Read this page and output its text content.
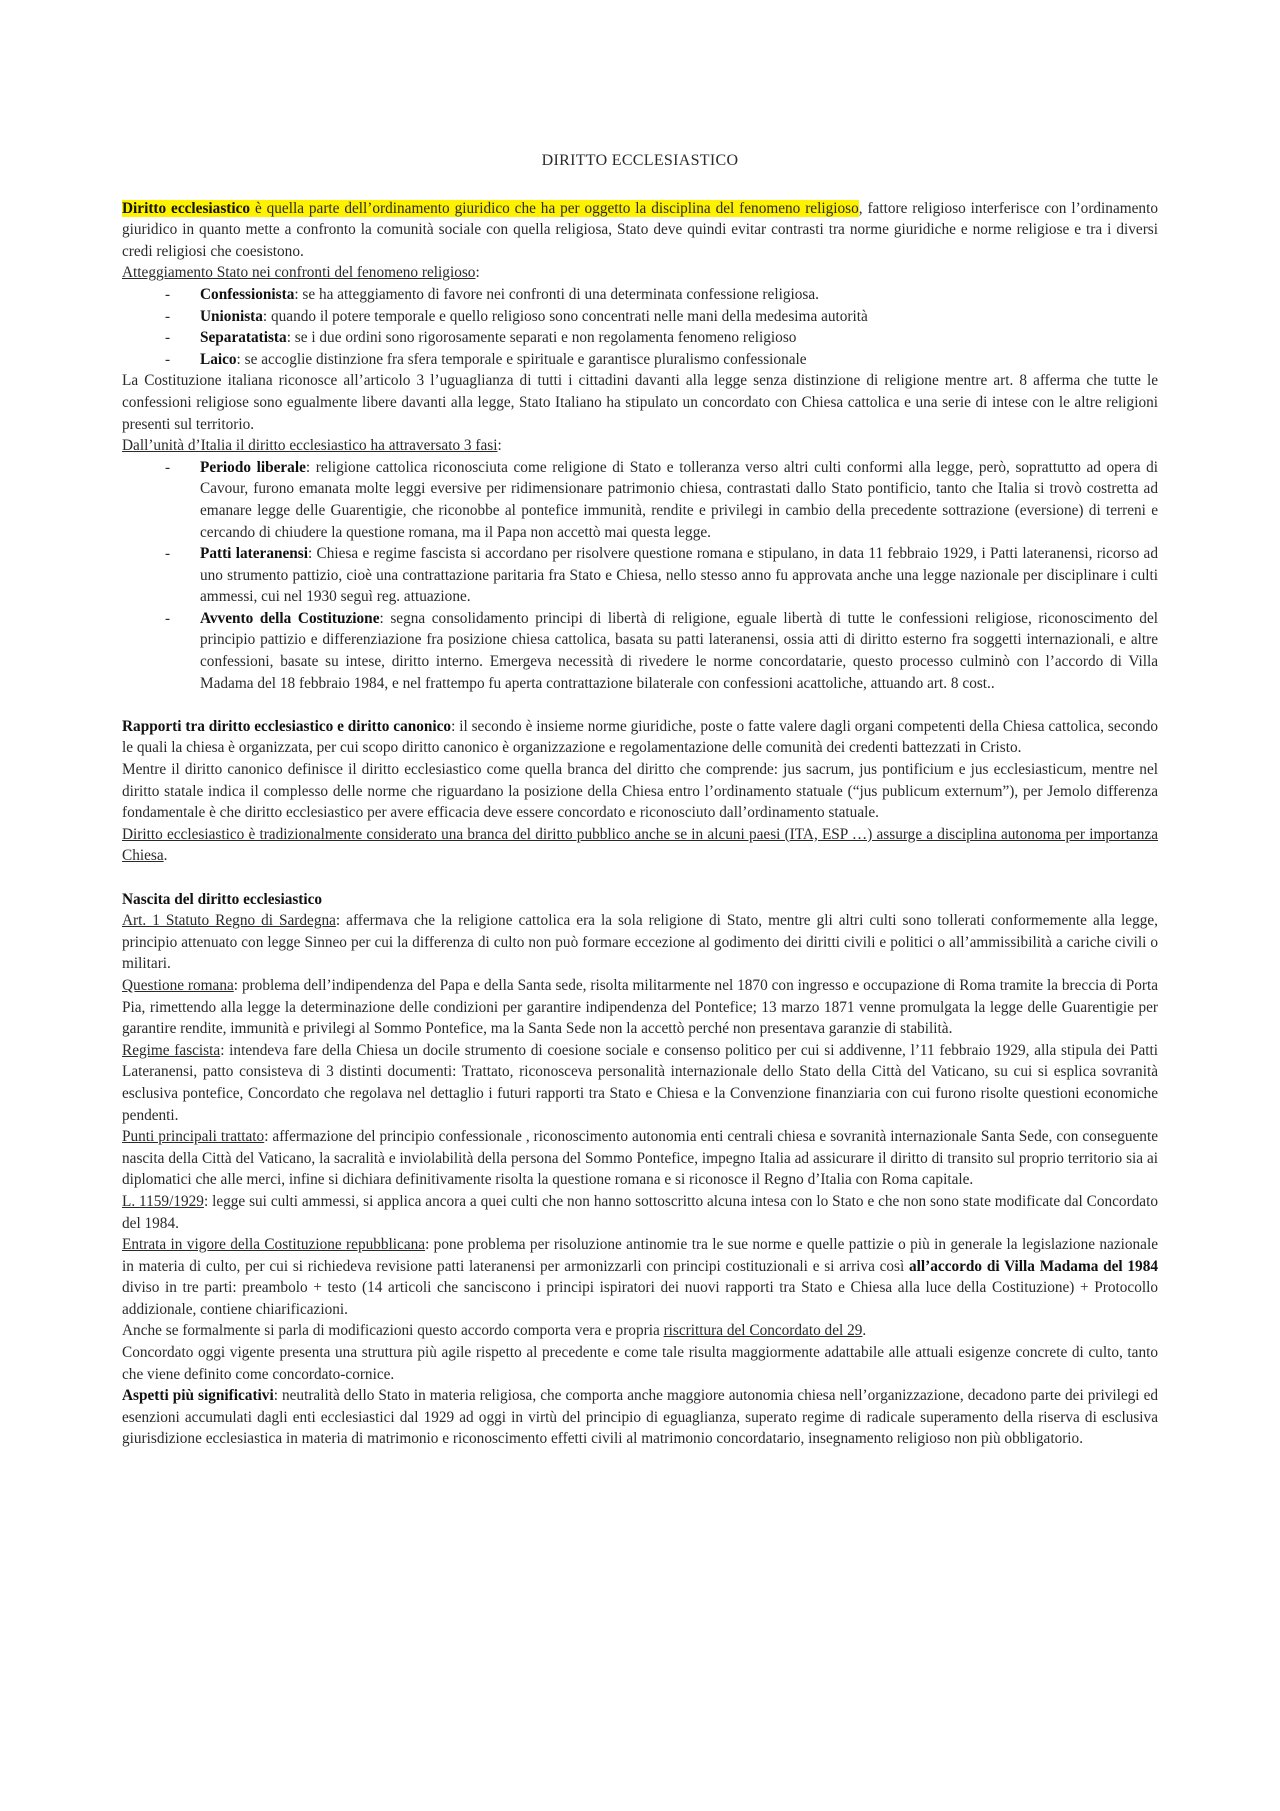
DIRITTO ECCLESIASTICO

Diritto ecclesiastico è quella parte dell’ordinamento giuridico che ha per oggetto la disciplina del fenomeno religioso, fattore religioso interferisce con l’ordinamento giuridico in quanto mette a confronto la comunità sociale con quella religiosa, Stato deve quindi evitar contrasti tra norme giuridiche e norme religiose e tra i diversi credi religiosi che coesistono.

Atteggiamento Stato nei confronti del fenomeno religioso:

- Confessionista: se ha atteggiamento di favore nei confronti di una determinata confessione religiosa.
- Unionista: quando il potere temporale e quello religioso sono concentrati nelle mani della medesima autorità
- Separatatista: se i due ordini sono rigorosamente separati e non regolamenta fenomeno religioso
- Laico: se accoglie distinzione fra sfera temporale e spirituale e garantisce pluralismo confessionale

La Costituzione italiana riconosce all’articolo 3 l’uguaglianza di tutti i cittadini davanti alla legge senza distinzione di religione mentre art. 8 afferma che tutte le confessioni religiose sono egualmente libere davanti alla legge, Stato Italiano ha stipulato un concordato con Chiesa cattolica e una serie di intese con le altre religioni presenti sul territorio.

Dall’unità d’Italia il diritto ecclesiastico ha attraversato 3 fasi:

- Periodo liberale: religione cattolica riconosciuta come religione di Stato e tolleranza verso altri culti conformi alla legge, però, soprattutto ad opera di Cavour, furono emanata molte leggi eversive per ridimensionare patrimonio chiesa, contrastati dallo Stato pontificio, tanto che Italia si trovò costretta ad emanare legge delle Guarentigie, che riconobbe al pontefice immunità, rendite e privilegi in cambio della precedente sottrazione (eversione) di terreni e cercando di chiudere la questione romana, ma il Papa non accettò mai questa legge.
- Patti lateranensi: Chiesa e regime fascista si accordano per risolvere questione romana e stipulano, in data 11 febbraio 1929, i Patti lateranensi, ricorso ad uno strumento pattizio, cioè una contrattazione paritaria fra Stato e Chiesa, nello stesso anno fu approvata anche una legge nazionale per disciplinare i culti ammessi, cui nel 1930 seguì reg. attuazione.
- Avvento della Costituzione: segna consolidamento principi di libertà di religione, eguale libertà di tutte le confessioni religiose, riconoscimento del principio pattizio e differenziazione fra posizione chiesa cattolica, basata su patti lateranensi, ossia atti di diritto esterno fra soggetti internazionali, e altre confessioni, basate su intese, diritto interno. Emergeva necessità di rivedere le norme concordatarie, questo processo culminò con l’accordo di Villa Madama del 18 febbraio 1984, e nel frattempo fu aperta contrattazione bilaterale con confessioni acattoliche, attuando art. 8 cost..

Rapporti tra diritto ecclesiastico e diritto canonico: il secondo è insieme norme giuridiche, poste o fatte valere dagli organi competenti della Chiesa cattolica, secondo le quali la chiesa è organizzata, per cui scopo diritto canonico è organizzazione e regolamentazione delle comunità dei credenti battezzati in Cristo.

Mentre il diritto canonico definisce il diritto ecclesiastico come quella branca del diritto che comprende: jus sacrum, jus pontificium e jus ecclesiasticum, mentre nel diritto statale indica il complesso delle norme che riguardano la posizione della Chiesa entro l’ordinamento statuale (“jus publicum externum”), per Jemolo differenza fondamentale è che diritto ecclesiastico per avere efficacia deve essere concordato e riconosciuto dall’ordinamento statuale.

Diritto ecclesiastico è tradizionalmente considerato una branca del diritto pubblico anche se in alcuni paesi (ITA, ESP …) assurge a disciplina autonoma per importanza Chiesa.

Nascita del diritto ecclesiastico

Art. 1 Statuto Regno di Sardegna: affermava che la religione cattolica era la sola religione di Stato, mentre gli altri culti sono tollerati conformemente alla legge, principio attenuato con legge Sinneo per cui la differenza di culto non può formare eccezione al godimento dei diritti civili e politici o all’ammissibilità a cariche civili o militari.

Questione romana: problema dell’indipendenza del Papa e della Santa sede, risolta militarmente nel 1870 con ingresso e occupazione di Roma tramite la breccia di Porta Pia, rimettendo alla legge la determinazione delle condizioni per garantire indipendenza del Pontefice; 13 marzo 1871 venne promulgata la legge delle Guarentigie per garantire rendite, immunità e privilegi al Sommo Pontefice, ma la Santa Sede non la accettò perché non presentava garanzie di stabilità.

Regime fascista: intendeva fare della Chiesa un docile strumento di coesione sociale e consenso politico per cui si addivenne, l’11 febbraio 1929, alla stipula dei Patti Lateranensi, patto consisteva di 3 distinti documenti: Trattato, riconosceva personalità internazionale dello Stato della Città del Vaticano, su cui si esplica sovranità esclusiva pontefice, Concordato che regolava nel dettaglio i futuri rapporti tra Stato e Chiesa e la Convenzione finanziaria con cui furono risolte questioni economiche pendenti.

Punti principali trattato: affermazione del principio confessionale , riconoscimento autonomia enti centrali chiesa e sovranità internazionale Santa Sede, con conseguente nascita della Città del Vaticano, la sacralità e inviolabilità della persona del Sommo Pontefice, impegno Italia ad assicurare il diritto di transito sul proprio territorio sia ai diplomatici che alle merci, infine si dichiara definitivamente risolta la questione romana e si riconosce il Regno d’Italia con Roma capitale.

L. 1159/1929: legge sui culti ammessi, si applica ancora a quei culti che non hanno sottoscritto alcuna intesa con lo Stato e che non sono state modificate dal Concordato del 1984.

Entrata in vigore della Costituzione repubblicana: pone problema per risoluzione antinomie tra le sue norme e quelle pattizie o più in generale la legislazione nazionale in materia di culto, per cui si richiedeva revisione patti lateranensi per armonizzarli con principi costituzionali e si arriva così all’accordo di Villa Madama del 1984 diviso in tre parti: preambolo + testo (14 articoli che sanciscono i principi ispiratori dei nuovi rapporti tra Stato e Chiesa alla luce della Costituzione) + Protocollo addizionale, contiene chiarificazioni.

Anche se formalmente si parla di modificazioni questo accordo comporta vera e propria riscrittura del Concordato del 29.

Concordato oggi vigente presenta una struttura più agile rispetto al precedente e come tale risulta maggiormente adattabile alle attuali esigenze concrete di culto, tanto che viene definito come concordato-cornice.

Aspetti più significativi: neutralità dello Stato in materia religiosa, che comporta anche maggiore autonomia chiesa nell’organizzazione, decadono parte dei privilegi ed esenzioni accumulati dagli enti ecclesiastici dal 1929 ad oggi in virtù del principio di eguaglianza, superato regime di radicale superamento della riserva di esclusiva giurisdizione ecclesiastica in materia di matrimonio e riconoscimento effetti civili al matrimonio concordatario, insegnamento religioso non più obbligatorio.
